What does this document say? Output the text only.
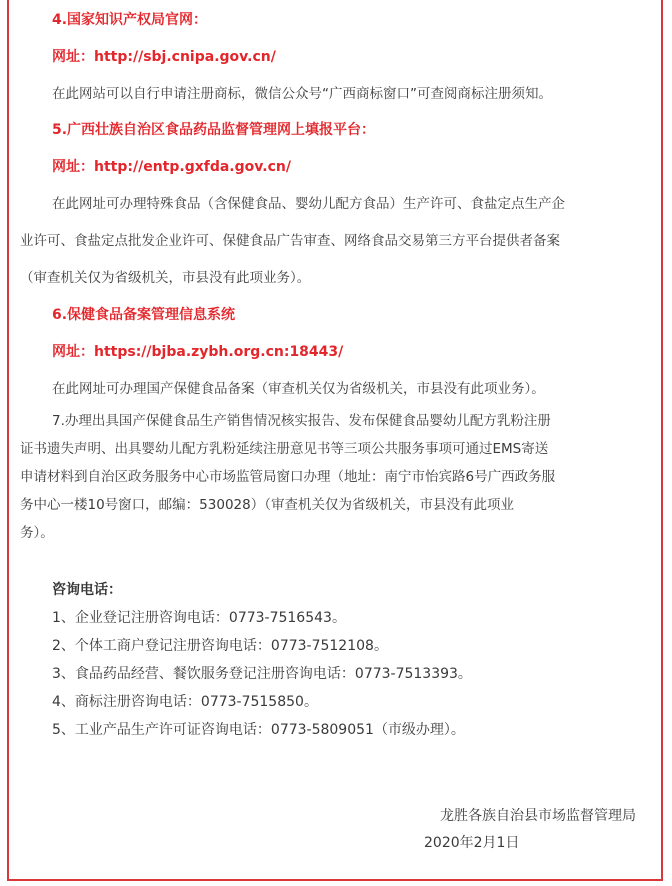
4.国家知识产权局官网：
网址：http://sbj.cnipa.gov.cn/
在此网站可以自行申请注册商标，微信公众号“广西商标窗口”可查阅商标注册须知。
5.广西壮族自治区食品药品监督管理网上填报平台：
网址：http://entp.gxfda.gov.cn/
在此网址可办理特殊食品（含保健食品、婴幼儿配方食品）生产许可、食盐定点生产企
业许可、食盐定点批发企业许可、保健食品广告审查、网络食品交易第三方平台提供者备案
（审查机关仅为省级机关，市县没有此项业务）。
6.保健食品备案管理信息系统
网址：https://bjba.zybh.org.cn:18443/
在此网址可办理国产保健食品备案（审查机关仅为省级机关，市县没有此项业务）。
7.办理出具国产保健食品生产销售情况核实报告、发布保健食品婴幼儿配方乳粉注册
证书遗失声明、出具婴幼儿配方乳粉延续注册意见书等三项公共服务事项可通过EMS寄送
申请材料到自治区政务服务中心市场监管局窗口办理（地址：南宁市怡宾路6号广西政务服
务中心一楼10号窗口，邮编：530028）（审查机关仅为省级机关，市县没有此项业
务）。
咨询电话：
1、企业登记注册咨询电话：0773-7516543。
2、个体工商户登记注册咨询电话：0773-7512108。
3、食品药品经营、餐饮服务登记注册咨询电话：0773-7513393。
4、商标注册咨询电话：0773-7515850。
5、工业产品生产许可证咨询电话：0773-5809051（市级办理）。
龙胜各族自治县市场监督管理局
2020年2月1日
